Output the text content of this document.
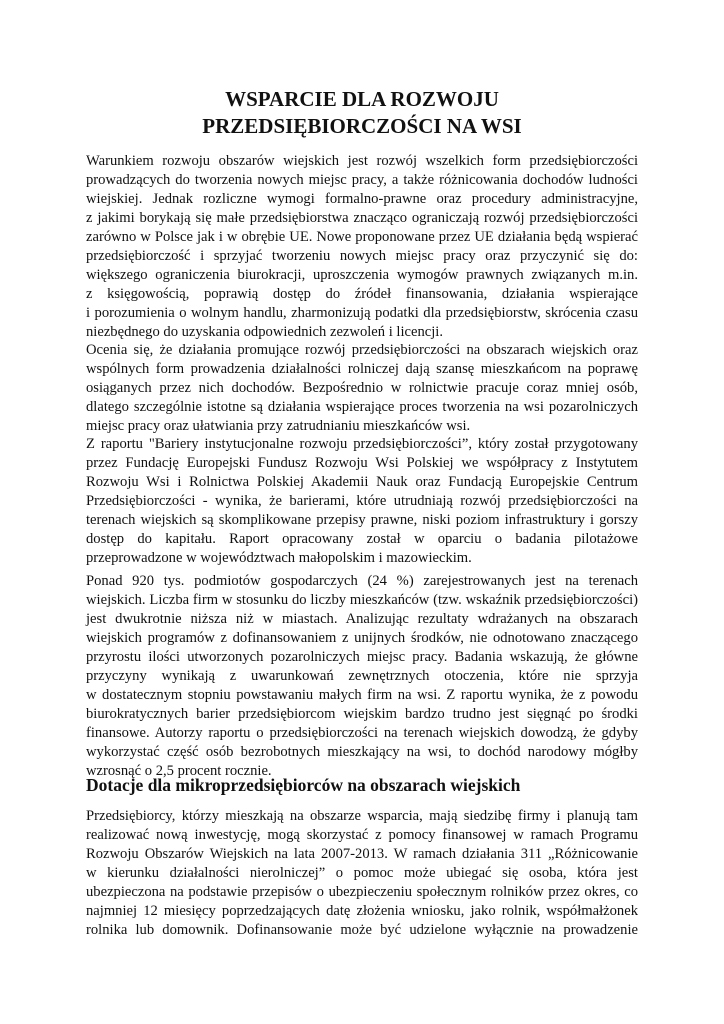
WSPARCIE DLA ROZWOJU
PRZEDSIĘBIORCZOŚCI NA WSI

Warunkiem rozwoju obszarów wiejskich jest rozwój wszelkich form przedsiębiorczości
prowadzących do tworzenia nowych miejsc pracy, a także różnicowania dochodów ludności
wiejskiej. Jednak rozliczne wymogi formalno-prawne oraz procedury administracyjne,
z jakimi borykają się małe przedsiębiorstwa znacząco ograniczają rozwój przedsiębiorczości
zarówno w Polsce jak i w obrębie UE. Nowe proponowane przez UE działania będą wspierać
przedsiębiorczość i sprzyjać tworzeniu nowych miejsc pracy oraz przyczynić się do:
większego ograniczenia biurokracji, uproszczenia wymogów prawnych związanych m.in.
z księgowością, poprawią dostęp do źródeł finansowania, działania wspierające
i porozumienia o wolnym handlu, zharmonizują podatki dla przedsiębiorstw, skrócenia czasu
niezbędnego do uzyskania odpowiednich zezwoleń i licencji.

Ocenia się, że działania promujące rozwój przedsiębiorczości na obszarach wiejskich oraz
wspólnych form prowadzenia działalności rolniczej dają szansę mieszkańcom na poprawę
osiąganych przez nich dochodów. Bezpośrednio w rolnictwie pracuje coraz mniej osób,
dlatego szczególnie istotne są działania wspierające proces tworzenia na wsi pozarolniczych
miejsc pracy oraz ułatwiania przy zatrudnianiu mieszkańców wsi.

Z raportu "Bariery instytucjonalne rozwoju przedsiębiorczości”, który został przygotowany
przez Fundację Europejski Fundusz Rozwoju Wsi Polskiej we współpracy z Instytutem
Rozwoju Wsi i Rolnictwa Polskiej Akademii Nauk oraz Fundacją Europejskie Centrum
Przedsiębiorczości - wynika, że barierami, które utrudniają rozwój przedsiębiorczości na
terenach wiejskich są skomplikowane przepisy prawne, niski poziom infrastruktury i gorszy
dostęp do kapitału. Raport opracowany został w oparciu o badania pilotażowe
przeprowadzone w województwach małopolskim i mazowieckim.

Ponad 920 tys. podmiotów gospodarczych (24 %) zarejestrowanych jest na terenach
wiejskich. Liczba firm w stosunku do liczby mieszkańców (tzw. wskaźnik przedsiębiorczości)
jest dwukrotnie niższa niż w miastach. Analizując rezultaty wdrażanych na obszarach
wiejskich programów z dofinansowaniem z unijnych środków, nie odnotowano znaczącego
przyrostu ilości utworzonych pozarolniczych miejsc pracy. Badania wskazują, że główne
przyczyny wynikają z uwarunkowań zewnętrznych otoczenia, które nie sprzyja
w dostatecznym stopniu powstawaniu małych firm na wsi. Z raportu wynika, że z powodu
biurokratycznych barier przedsiębiorcom wiejskim bardzo trudno jest sięgnąć po środki
finansowe. Autorzy raportu o przedsiębiorczości na terenach wiejskich dowodzą, że gdyby
wykorzystać część osób bezrobotnych mieszkający na wsi, to dochód narodowy mógłby
wzrosnąć o 2,5 procent rocznie.

Dotacje dla mikroprzedsiębiorców na obszarach wiejskich

Przedsiębiorcy, którzy mieszkają na obszarze wsparcia, mają siedzibę firmy i planują tam
realizować nową inwestycję, mogą skorzystać z pomocy finansowej w ramach Programu
Rozwoju Obszarów Wiejskich na lata 2007-2013. W ramach działania 311 „Różnicowanie
w kierunku działalności nierolniczej” o pomoc może ubiegać się osoba, która jest
ubezpieczona na podstawie przepisów o ubezpieczeniu społecznym rolników przez okres, co
najmniej 12 miesięcy poprzedzających datę złożenia wniosku, jako rolnik, współmałżonek
rolnika lub domownik. Dofinansowanie może być udzielone wyłącznie na prowadzenie
